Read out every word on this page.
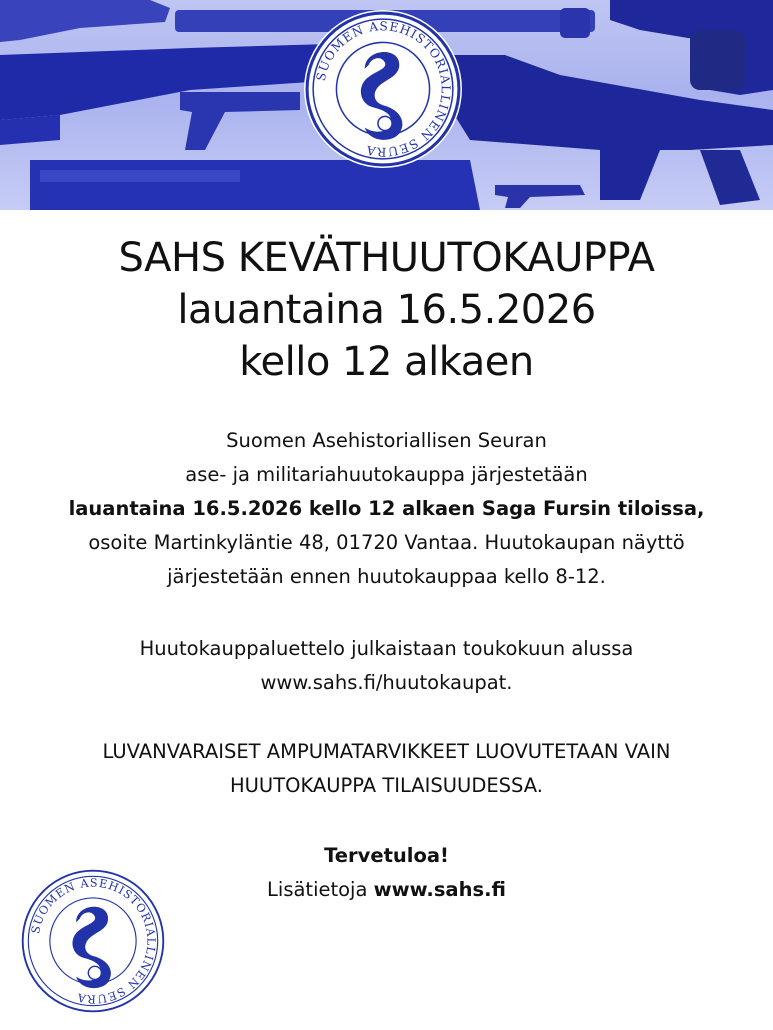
SUOMEN ASEHISTORIALLINEN SEURA
SAHS KEVÄTHUUTOKAUPPA
lauantaina 16.5.2026
kello 12 alkaen
Suomen Asehistoriallisen Seuran
ase- ja militariahuutokauppa järjestetään
lauantaina 16.5.2026 kello 12 alkaen Saga Fursin tiloissa,
osoite Martinkyläntie 48, 01720 Vantaa. Huutokaupan näyttö
järjestetään ennen huutokauppaa kello 8-12.
Huutokauppaluettelo julkaistaan toukokuun alussa
www.sahs.fi/huutokaupat.
LUVANVARAISET AMPUMATARVIKKEET LUOVUTETAAN VAIN
HUUTOKAUPPA TILAISUUDESSA.
Tervetuloa!
Lisätietoja www.sahs.fi
SUOMEN ASEHISTORIALLINEN SEURA
